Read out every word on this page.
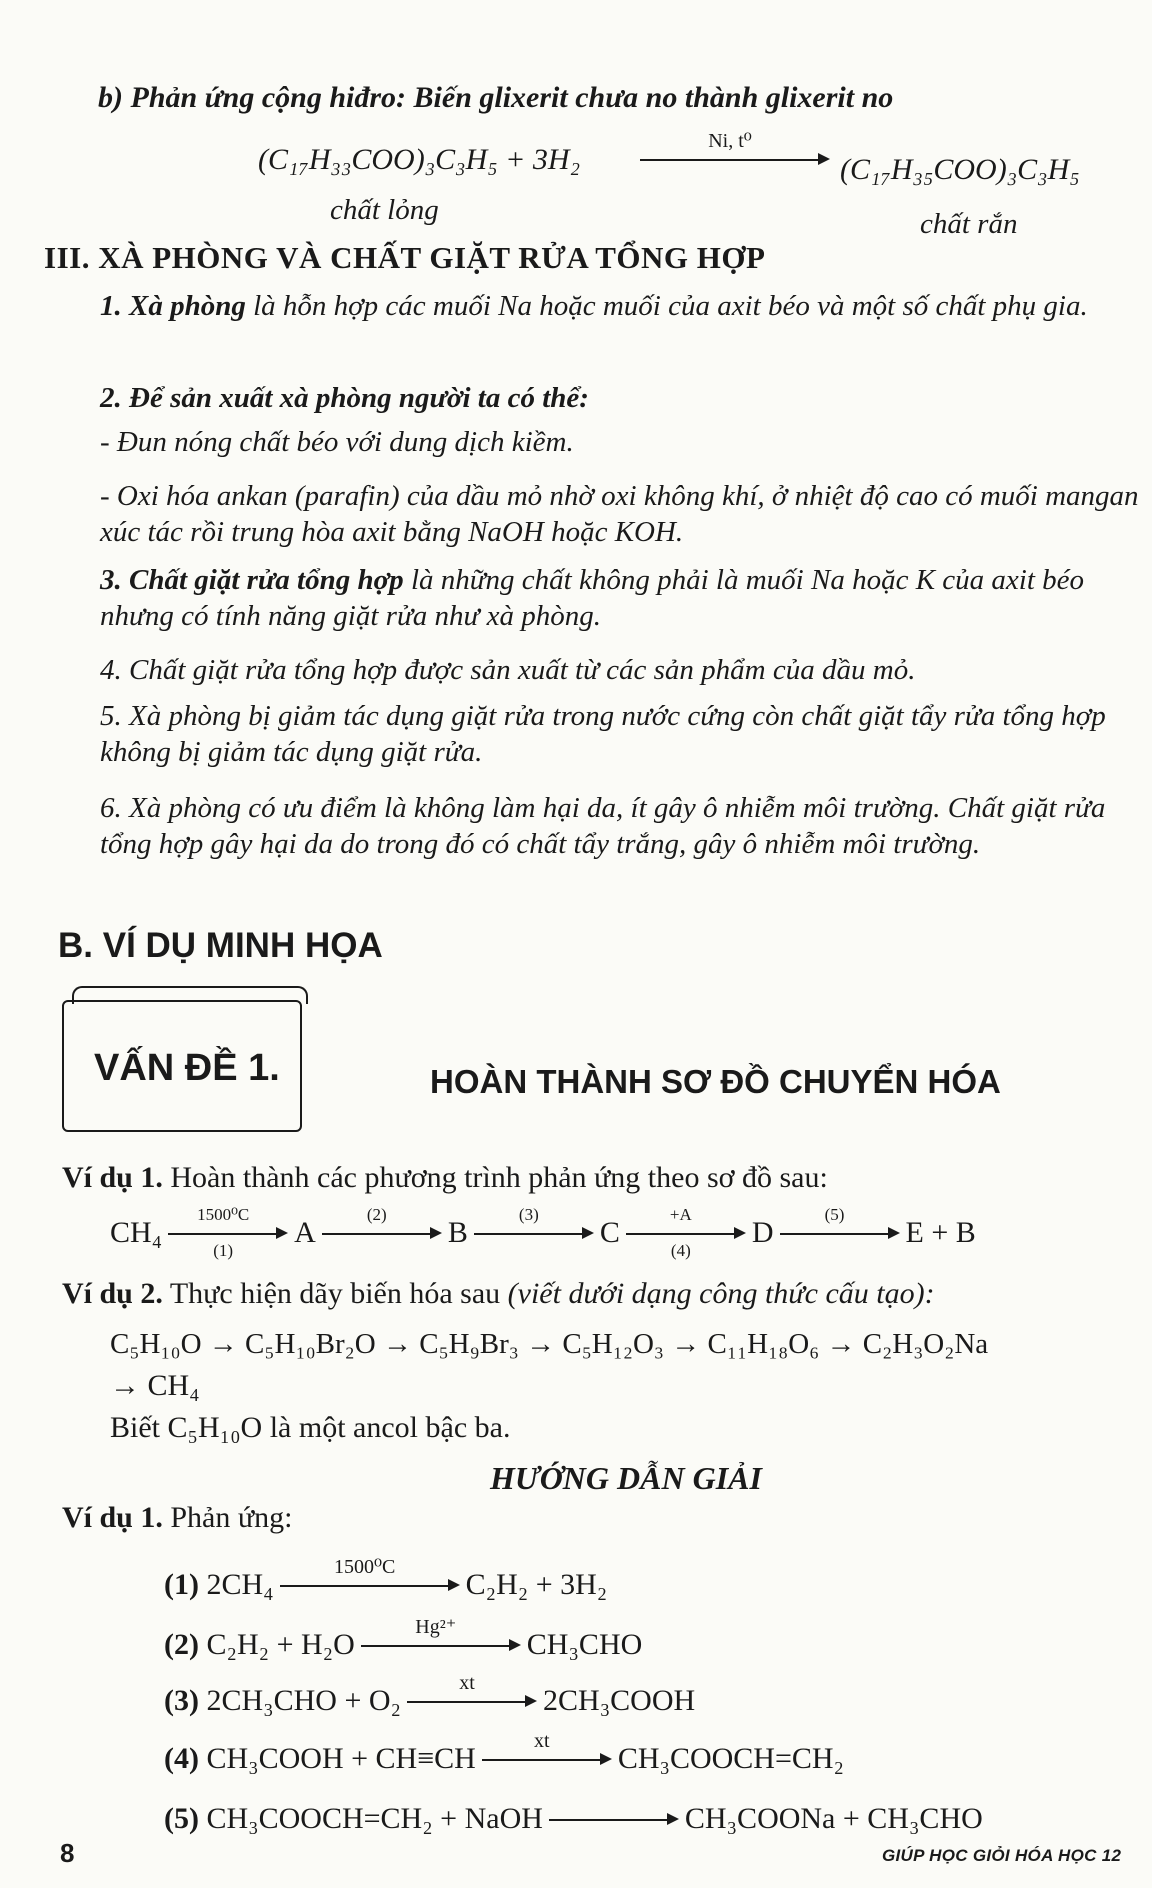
b) Phản ứng cộng hiđro: Biến glixerit chưa no thành glixerit no
(C₁₇H₃₃COO)₃C₃H₅ + 3H₂
Ni, t⁰
(C₁₇H₃₅COO)₃C₃H₅
chất lỏng	chất rắn
III. XÀ PHÒNG VÀ CHẤT GIẶT RỬA TỔNG HỢP
1. Xà phòng là hỗn hợp các muối Na hoặc muối của axit béo và một số chất phụ gia.
2. Để sản xuất xà phòng người ta có thể:
- Đun nóng chất béo với dung dịch kiềm.
- Oxi hóa ankan (parafin) của dầu mỏ nhờ oxi không khí, ở nhiệt độ cao có muối mangan xúc tác rồi trung hòa axit bằng NaOH hoặc KOH.
3. Chất giặt rửa tổng hợp là những chất không phải là muối Na hoặc K của axit béo nhưng có tính năng giặt rửa như xà phòng.
4. Chất giặt rửa tổng hợp được sản xuất từ các sản phẩm của dầu mỏ.
5. Xà phòng bị giảm tác dụng giặt rửa trong nước cứng còn chất giặt tẩy rửa tổng hợp không bị giảm tác dụng giặt rửa.
6. Xà phòng có ưu điểm là không làm hại da, ít gây ô nhiễm môi trường. Chất giặt rửa tổng hợp gây hại da do trong đó có chất tẩy trắng, gây ô nhiễm môi trường.
B. VÍ DỤ MINH HỌA
VẤN ĐỀ 1.	HOÀN THÀNH SƠ ĐỒ CHUYỂN HÓA
Ví dụ 1. Hoàn thành các phương trình phản ứng theo sơ đồ sau:
CH₄
1500⁰C
(1)
A
(2)
B
(3)
C
+A
(4)
D
(5)
E + B
Ví dụ 2. Thực hiện dãy biến hóa sau (viết dưới dạng công thức cấu tạo):
C₅H₁₀O → C₅H₁₀Br₂O → C₅H₉Br₃ → C₅H₁₂O₃ → C₁₁H₁₈O₆ → C₂H₃O₂Na
→ CH₄
Biết C₅H₁₀O là một ancol bậc ba.
HƯỚNG DẪN GIẢI
Ví dụ 1. Phản ứng:
(1)
2CH₄
1500⁰C
C₂H₂ + 3H₂
(2)
C₂H₂ + H₂O
Hg²⁺
CH₃CHO
(3)
2CH₃CHO + O₂
xt
2CH₃COOH
(4)
CH₃COOH + CH≡CH
xt
CH₃COOCH=CH₂
(5)
CH₃COOCH=CH₂ + NaOH	CH₃COONa + CH₃CHO
8	GIÚP HỌC GIỎI HÓA HỌC 12
